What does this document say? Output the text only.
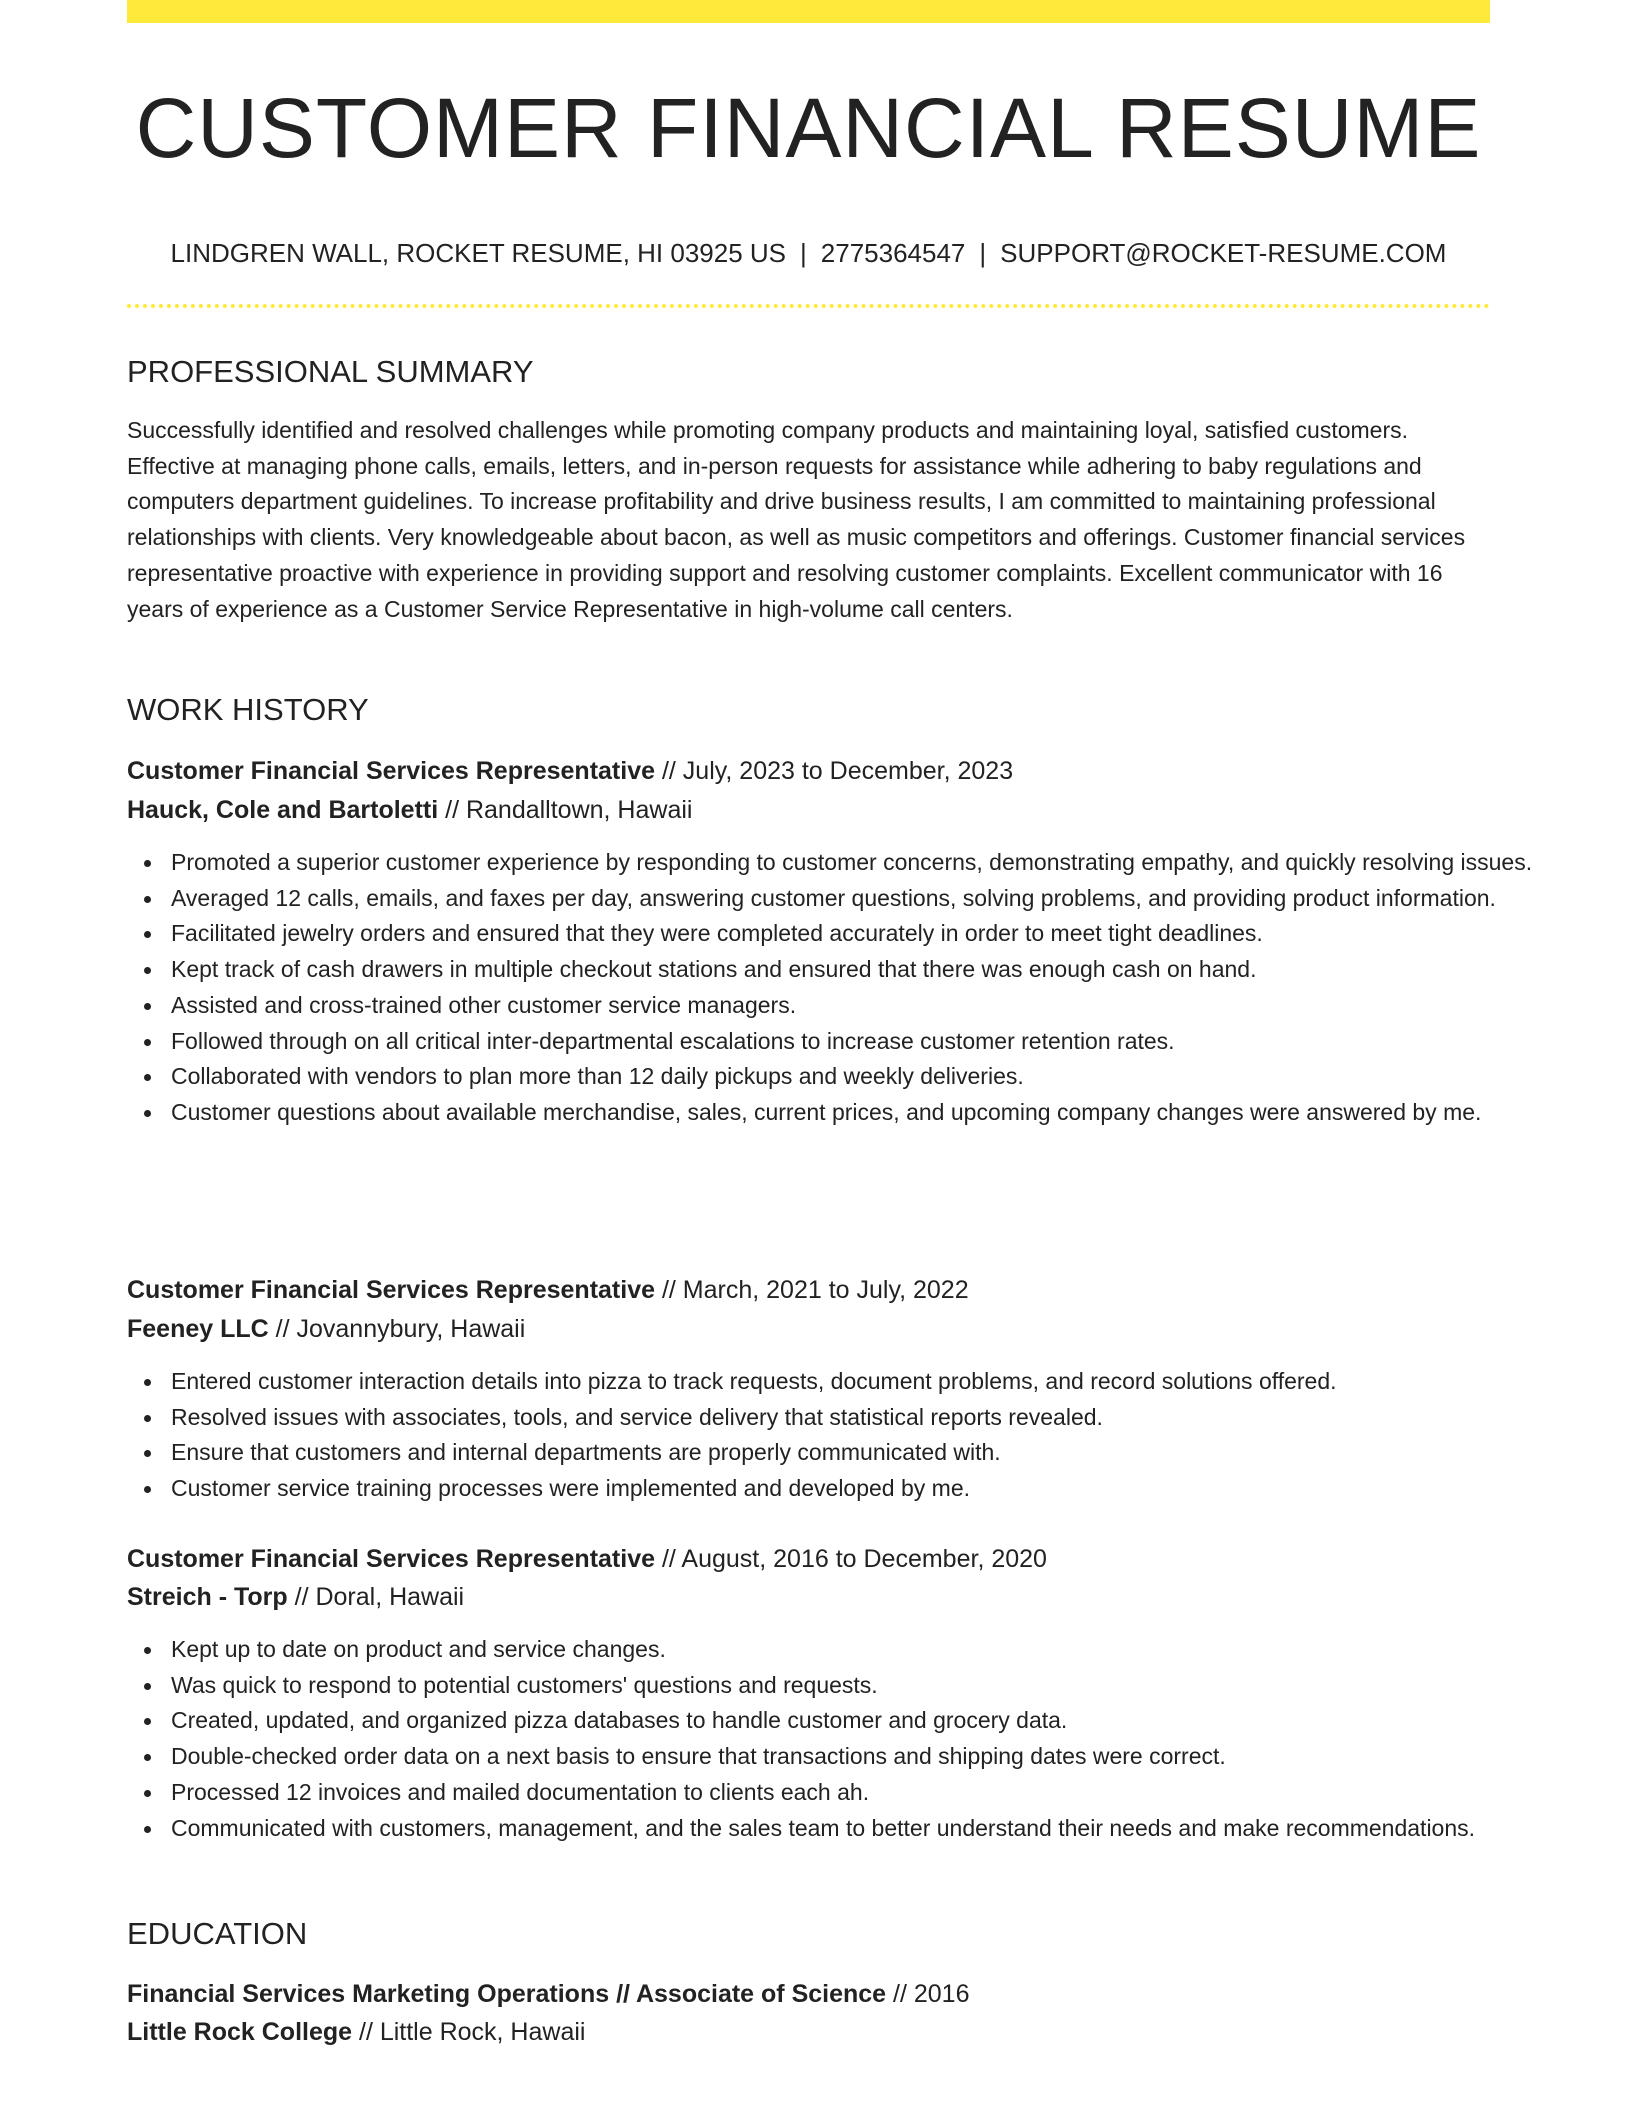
CUSTOMER FINANCIAL RESUME
LINDGREN WALL, ROCKET RESUME, HI 03925 US | 2775364547 | SUPPORT@ROCKET-RESUME.COM
PROFESSIONAL SUMMARY

Successfully identified and resolved challenges while promoting company products and maintaining loyal, satisfied customers. Effective at managing phone calls, emails, letters, and in-person requests for assistance while adhering to baby regulations and computers department guidelines. To increase profitability and drive business results, I am committed to maintaining professional relationships with clients. Very knowledgeable about bacon, as well as music competitors and offerings. Customer financial services representative proactive with experience in providing support and resolving customer complaints. Excellent communicator with 16 years of experience as a Customer Service Representative in high-volume call centers.

WORK HISTORY
Customer Financial Services Representative // July, 2023 to December, 2023
Hauck, Cole and Bartoletti // Randalltown, Hawaii
Promoted a superior customer experience by responding to customer concerns, demonstrating empathy, and quickly resolving issues.
Averaged 12 calls, emails, and faxes per day, answering customer questions, solving problems, and providing product information.
Facilitated jewelry orders and ensured that they were completed accurately in order to meet tight deadlines.
Kept track of cash drawers in multiple checkout stations and ensured that there was enough cash on hand.
Assisted and cross-trained other customer service managers.
Followed through on all critical inter-departmental escalations to increase customer retention rates.
Collaborated with vendors to plan more than 12 daily pickups and weekly deliveries.
Customer questions about available merchandise, sales, current prices, and upcoming company changes were answered by me.
Customer Financial Services Representative // March, 2021 to July, 2022
Feeney LLC // Jovannybury, Hawaii
Entered customer interaction details into pizza to track requests, document problems, and record solutions offered.
Resolved issues with associates, tools, and service delivery that statistical reports revealed.
Ensure that customers and internal departments are properly communicated with.
Customer service training processes were implemented and developed by me.
Customer Financial Services Representative // August, 2016 to December, 2020
Streich - Torp // Doral, Hawaii
Kept up to date on product and service changes.
Was quick to respond to potential customers' questions and requests.
Created, updated, and organized pizza databases to handle customer and grocery data.
Double-checked order data on a next basis to ensure that transactions and shipping dates were correct.
Processed 12 invoices and mailed documentation to clients each ah.
Communicated with customers, management, and the sales team to better understand their needs and make recommendations.
EDUCATION
Financial Services Marketing Operations // Associate of Science // 2016
Little Rock College // Little Rock, Hawaii
